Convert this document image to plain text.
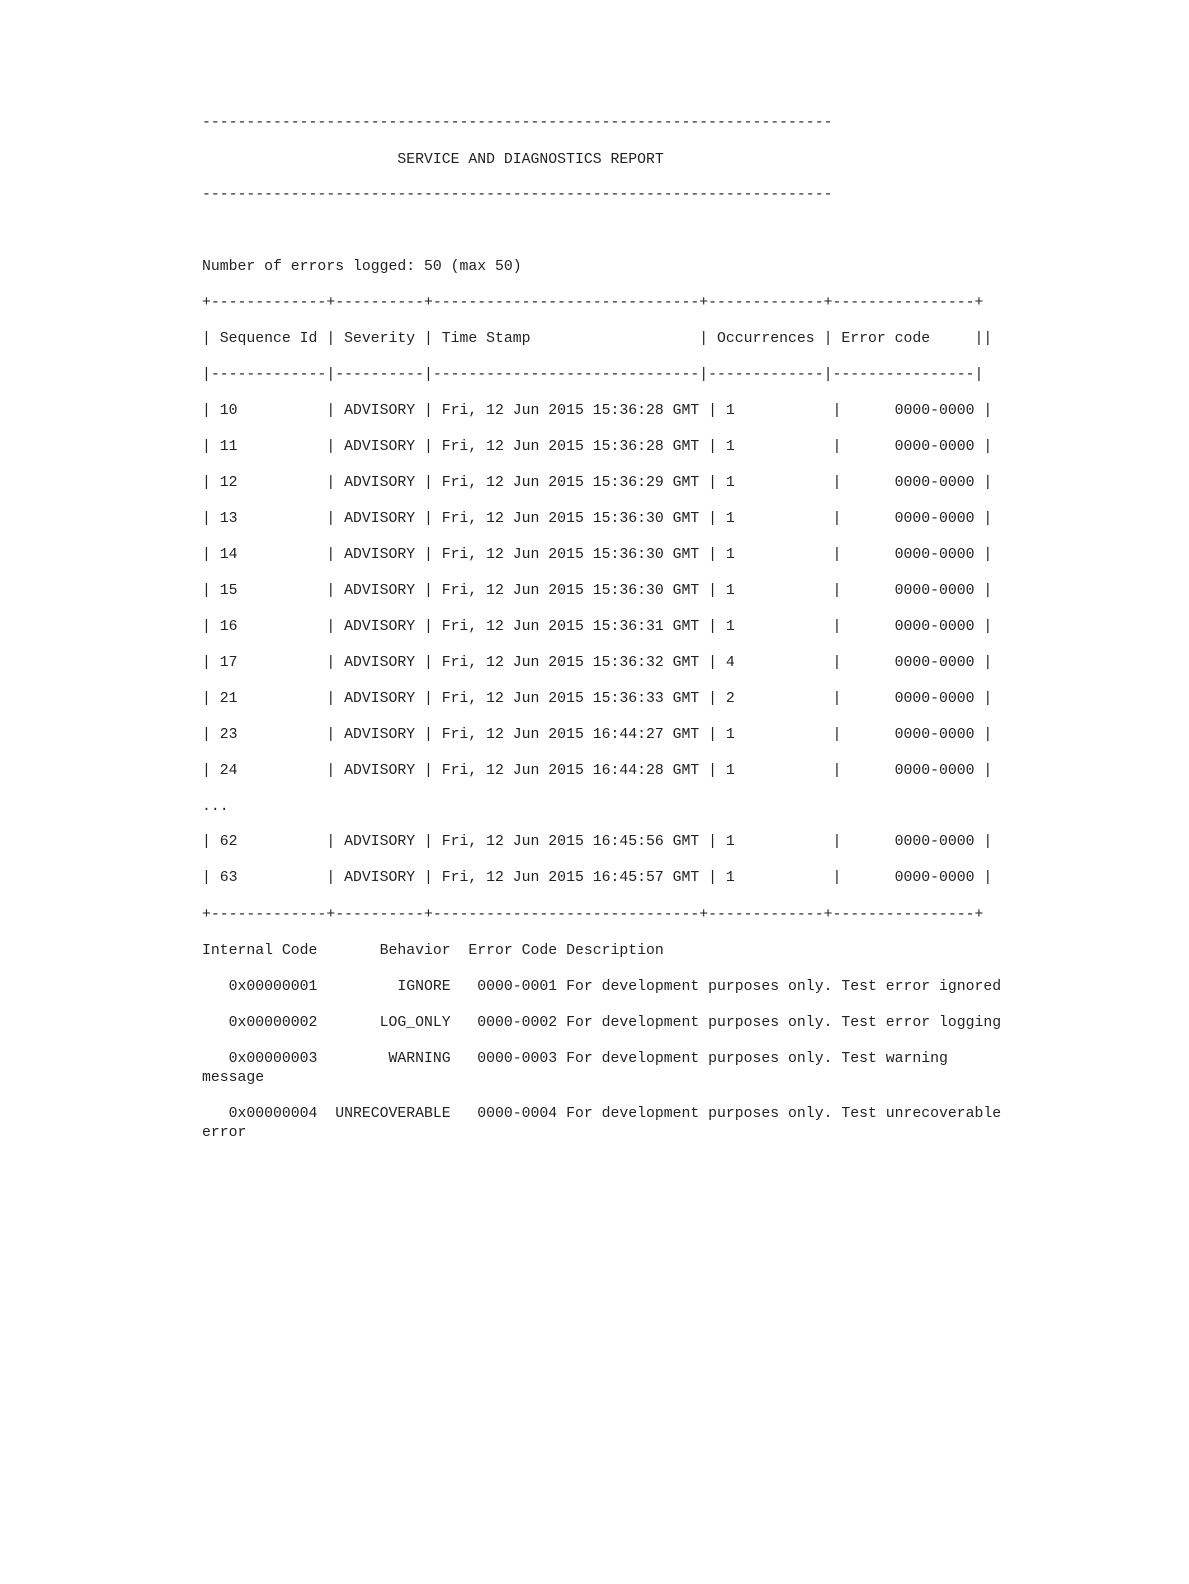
-----------------------------------------------------------------------
SERVICE AND DIAGNOSTICS REPORT
-----------------------------------------------------------------------
Number of errors logged: 50 (max 50)
+-------------+----------+------------------------------+-------------+----------------+
| Sequence Id | Severity | Time Stamp                   | Occurrences | Error code     ||
|-------------|----------|------------------------------|-------------|----------------|
| 10          | ADVISORY | Fri, 12 Jun 2015 15:36:28 GMT | 1           |      0000-0000 |
| 11          | ADVISORY | Fri, 12 Jun 2015 15:36:28 GMT | 1           |      0000-0000 |
| 12          | ADVISORY | Fri, 12 Jun 2015 15:36:29 GMT | 1           |      0000-0000 |
| 13          | ADVISORY | Fri, 12 Jun 2015 15:36:30 GMT | 1           |      0000-0000 |
| 14          | ADVISORY | Fri, 12 Jun 2015 15:36:30 GMT | 1           |      0000-0000 |
| 15          | ADVISORY | Fri, 12 Jun 2015 15:36:30 GMT | 1           |      0000-0000 |
| 16          | ADVISORY | Fri, 12 Jun 2015 15:36:31 GMT | 1           |      0000-0000 |
| 17          | ADVISORY | Fri, 12 Jun 2015 15:36:32 GMT | 4           |      0000-0000 |
| 21          | ADVISORY | Fri, 12 Jun 2015 15:36:33 GMT | 2           |      0000-0000 |
| 23          | ADVISORY | Fri, 12 Jun 2015 16:44:27 GMT | 1           |      0000-0000 |
| 24          | ADVISORY | Fri, 12 Jun 2015 16:44:28 GMT | 1           |      0000-0000 |
...
| 62          | ADVISORY | Fri, 12 Jun 2015 16:45:56 GMT | 1           |      0000-0000 |
| 63          | ADVISORY | Fri, 12 Jun 2015 16:45:57 GMT | 1           |      0000-0000 |
+-------------+----------+------------------------------+-------------+----------------+
Internal Code       Behavior  Error Code Description
0x00000001         IGNORE   0000-0001 For development purposes only. Test error ignored
0x00000002       LOG_ONLY   0000-0002 For development purposes only. Test error logging
0x00000003        WARNING   0000-0003 For development purposes only. Test warning
message
0x00000004  UNRECOVERABLE   0000-0004 For development purposes only. Test unrecoverable
error
